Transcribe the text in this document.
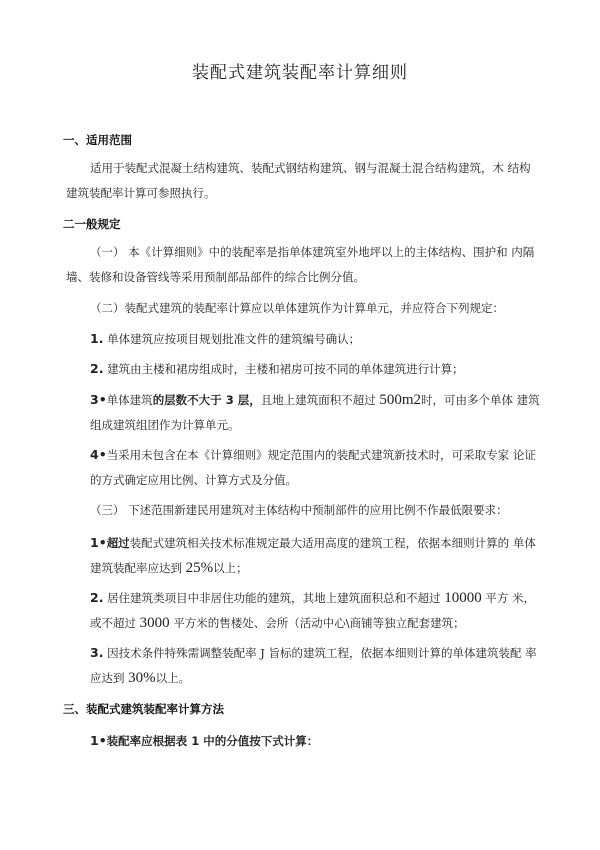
装配式建筑装配率计算细则
一、适用范围
适用于装配式混凝土结构建筑、装配式钢结构建筑、钢与混凝土混合结构建筑，木 结构建筑装配率计算可参照执行。
二一般规定
（一） 本《计算细则》中的装配率是指单体建筑室外地坪以上的主体结构、围护和 内隔墙、装修和设备管线等采用预制部品部件的综合比例分值。
（二）装配式建筑的装配率计算应以单体建筑作为计算单元，并应符合下列规定：
1. 单体建筑应按项目规划批准文件的建筑编号确认；
2. 建筑由主楼和裙房组成时，主楼和裙房可按不同的单体建筑进行计算；
3•单体建筑的层数不大于 3 层，且地上建筑面积不超过 500m2时，可由多个单体 建筑组成建筑组团作为计算单元。
4•当采用未包含在本《计算细则》规定范围内的装配式建筑新技术时，可采取专家 论证的方式确定应用比例、计算方式及分值。
（三） 下述范围新建民用建筑对主体结构中预制部件的应用比例不作最低限要求：
1•超过装配式建筑相关技术标准规定最大适用高度的建筑工程，依据本细则计算的 单体建筑装配率应达到 25%以上；
2. 居住建筑类项目中非居住功能的建筑，其地上建筑面积总和不超过 10000 平方 米，或不超过 3000 平方米的售楼处、会所（活动中心\商铺等独立配套建筑；
3. 因技术条件特殊需调整装配率 J 旨标的建筑工程，依据本细则计算的单体建筑装配 率应达到 30%以上。
三、装配式建筑装配率计算方法
1•装配率应根据表 1 中的分值按下式计算：
